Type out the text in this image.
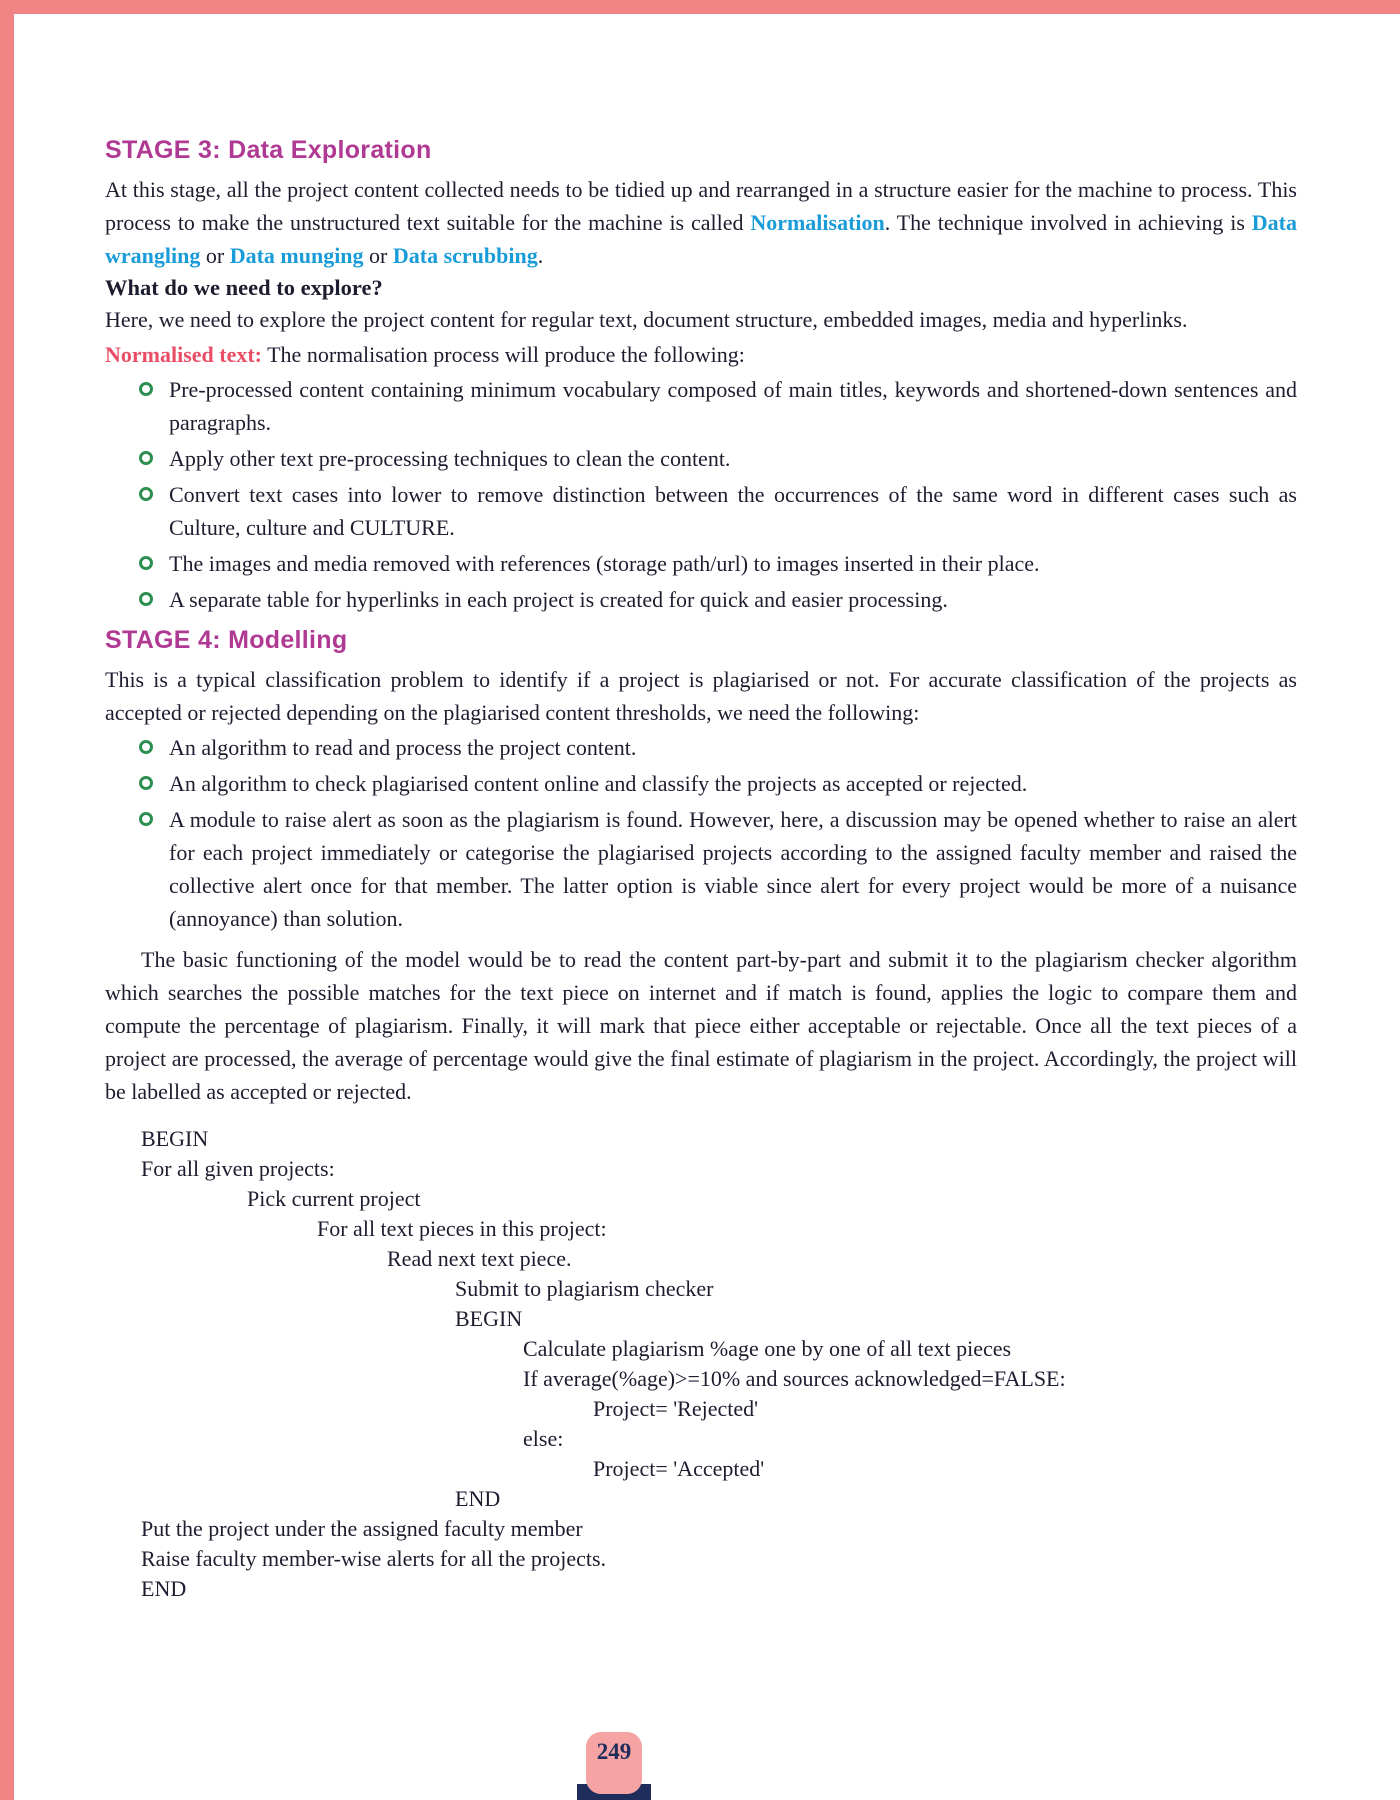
STAGE 3: Data Exploration

At this stage, all the project content collected needs to be tidied up and rearranged in a structure easier for the machine to process. This process to make the unstructured text suitable for the machine is called Normalisation. The technique involved in achieving is Data wrangling or Data munging or Data scrubbing.

What do we need to explore?

Here, we need to explore the project content for regular text, document structure, embedded images, media and hyperlinks.

Normalised text: The normalisation process will produce the following:

Pre-processed content containing minimum vocabulary composed of main titles, keywords and shortened-down sentences and paragraphs.
Apply other text pre-processing techniques to clean the content.
Convert text cases into lower to remove distinction between the occurrences of the same word in different cases such as Culture, culture and CULTURE.
The images and media removed with references (storage path/url) to images inserted in their place.
A separate table for hyperlinks in each project is created for quick and easier processing.
STAGE 4: Modelling

This is a typical classification problem to identify if a project is plagiarised or not. For accurate classification of the projects as accepted or rejected depending on the plagiarised content thresholds, we need the following:

An algorithm to read and process the project content.
An algorithm to check plagiarised content online and classify the projects as accepted or rejected.
A module to raise alert as soon as the plagiarism is found. However, here, a discussion may be opened whether to raise an alert for each project immediately or categorise the plagiarised projects according to the assigned faculty member and raised the collective alert once for that member. The latter option is viable since alert for every project would be more of a nuisance (annoyance) than solution.

The basic functioning of the model would be to read the content part-by-part and submit it to the plagiarism checker algorithm which searches the possible matches for the text piece on internet and if match is found, applies the logic to compare them and compute the percentage of plagiarism. Finally, it will mark that piece either acceptable or rejectable. Once all the text pieces of a project are processed, the average of percentage would give the final estimate of plagiarism in the project. Accordingly, the project will be labelled as accepted or rejected.

BEGIN
For all given projects:
Pick current project
For all text pieces in this project:
Read next text piece.
Submit to plagiarism checker
BEGIN
Calculate plagiarism %age one by one of all text pieces
If average(%age)>=10% and sources acknowledged=FALSE:
Project= 'Rejected'
else:
Project= 'Accepted'
END
Put the project under the assigned faculty member
Raise faculty member-wise alerts for all the projects.
END
249
